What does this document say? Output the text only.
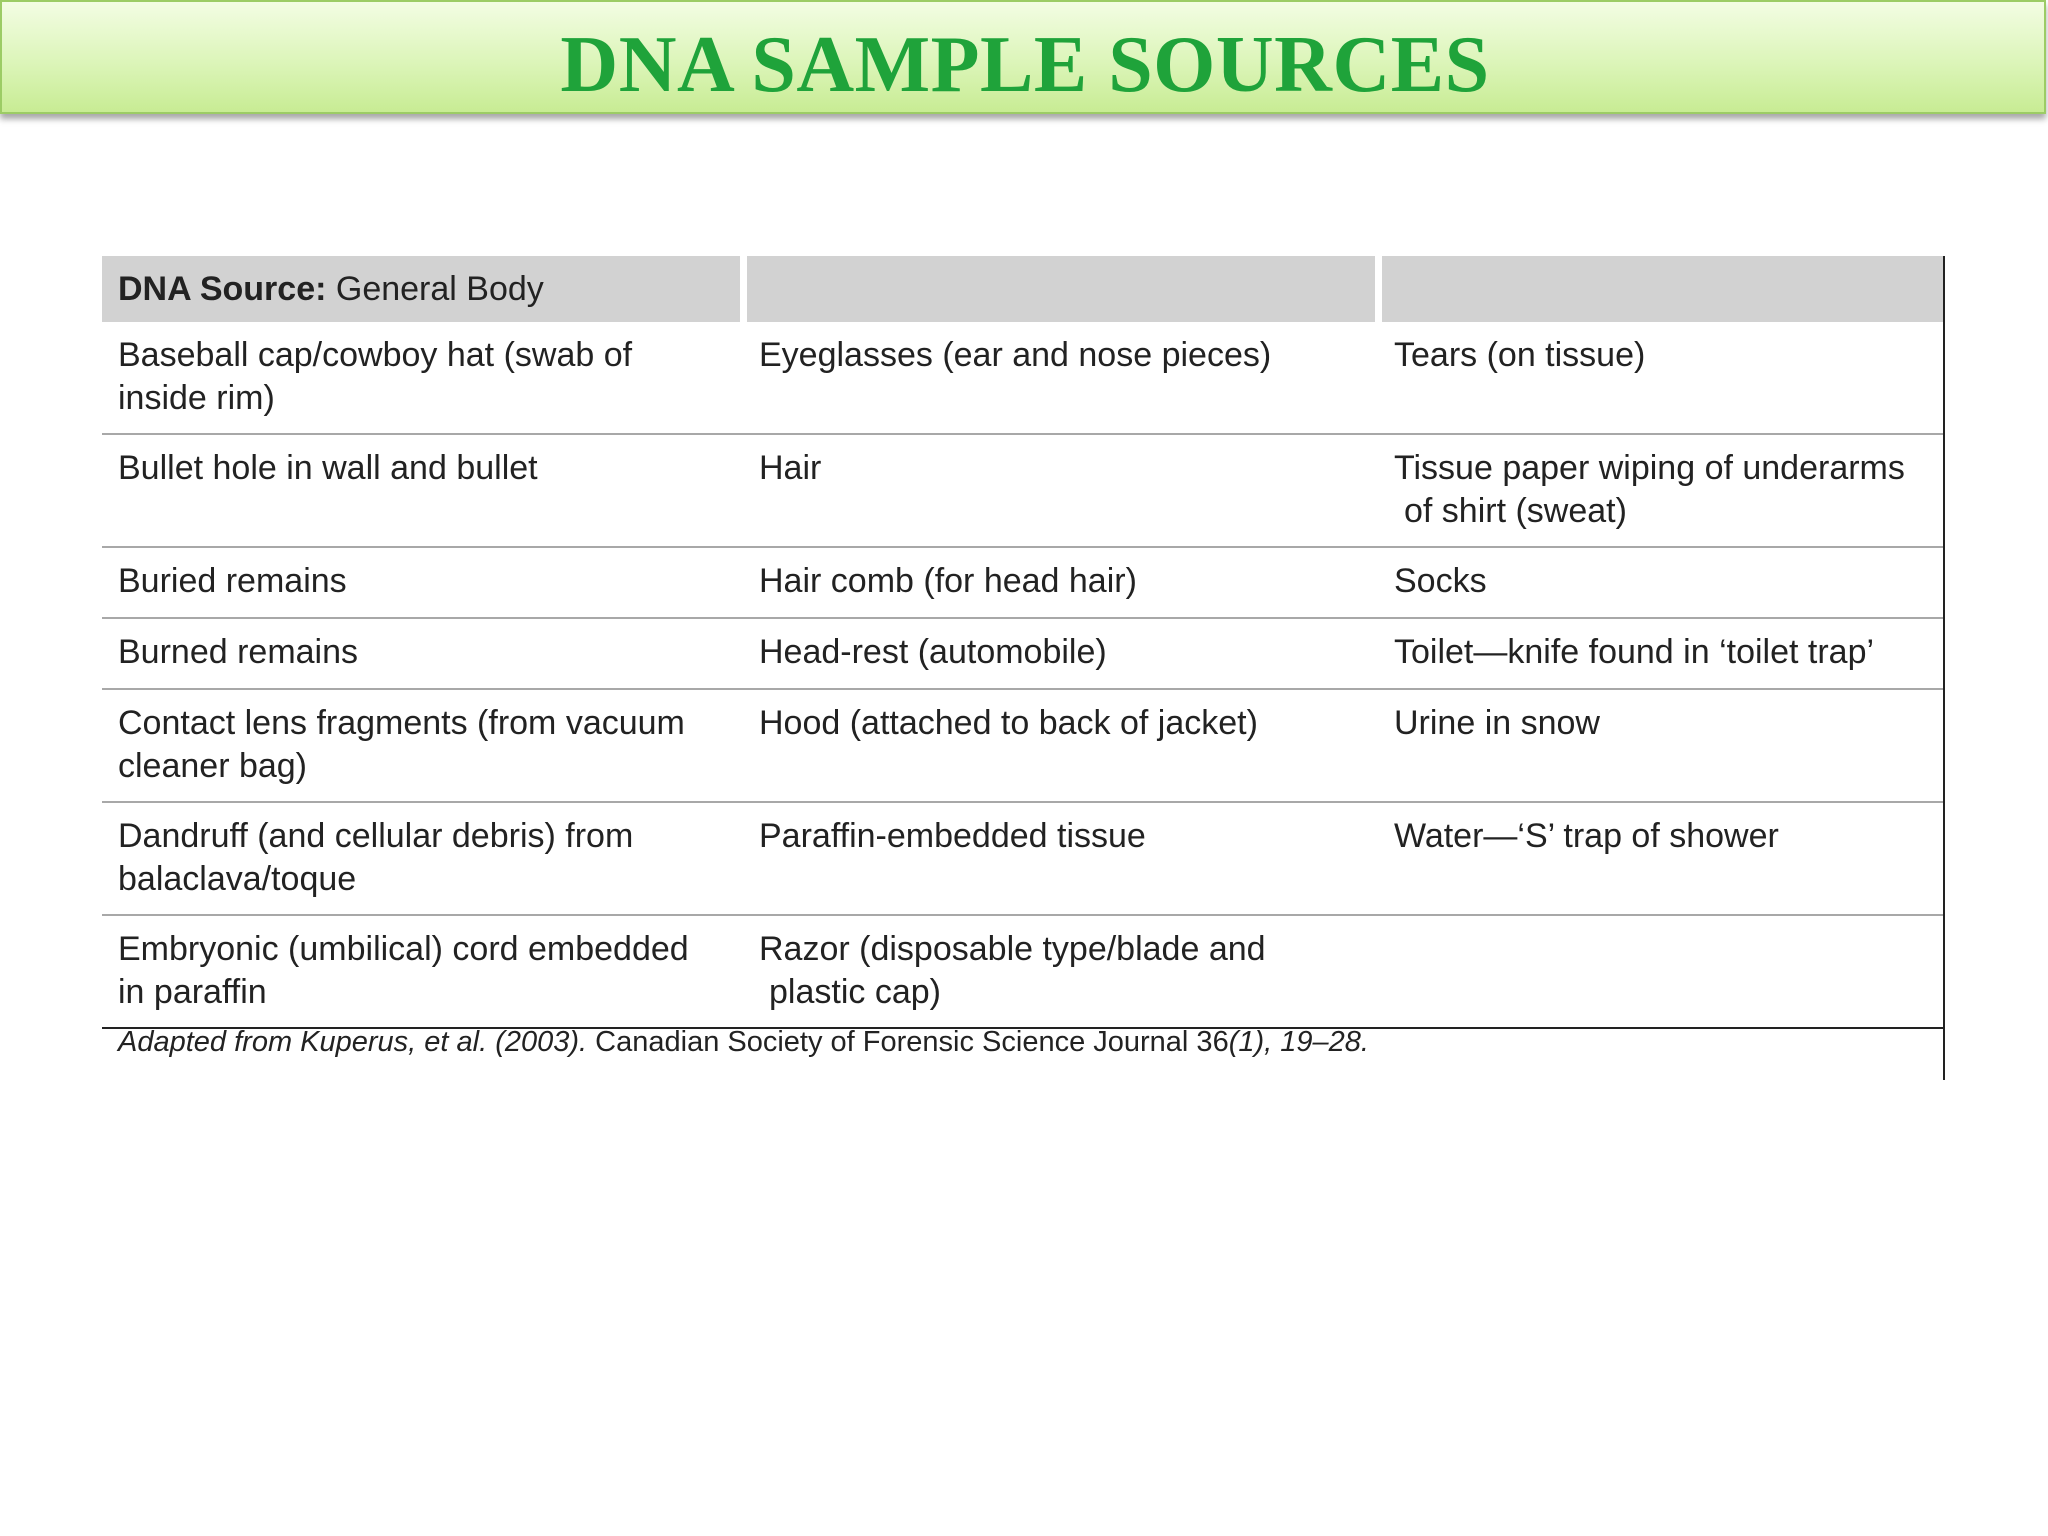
DNA SAMPLE SOURCES
DNA Source: General Body		
Baseball cap/cowboy hat (swab of
inside rim)	Eyeglasses (ear and nose pieces)	Tears (on tissue)
Bullet hole in wall and bullet	Hair	Tissue paper wiping of underarms
of shirt (sweat)
Buried remains	Hair comb (for head hair)	Socks
Burned remains	Head-rest (automobile)	Toilet—knife found in ‘toilet trap’
Contact lens fragments (from vacuum
cleaner bag)	Hood (attached to back of jacket)	Urine in snow
Dandruff (and cellular debris) from
balaclava/toque	Paraffin-embedded tissue	Water—‘S’ trap of shower
Embryonic (umbilical) cord embedded
in paraffin	Razor (disposable type/blade and
plastic cap)	
Adapted from Kuperus, et al. (2003). Canadian Society of Forensic Science Journal 36(1), 19–28.
